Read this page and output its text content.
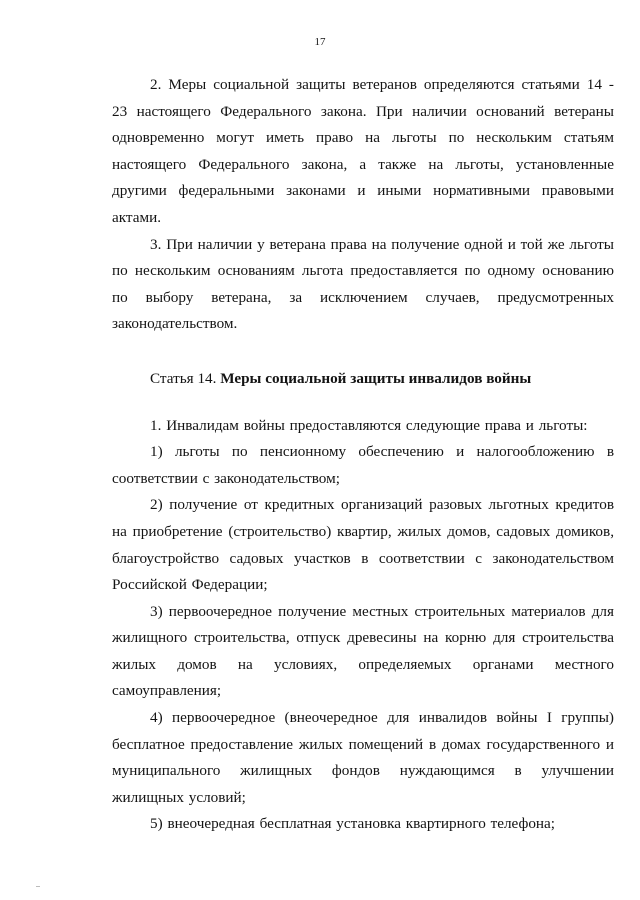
17

2. Меры социальной защиты ветеранов определяются статьями 14 - 23 настоящего Федерального закона. При наличии оснований ветераны одновременно могут иметь право на льготы по нескольким статьям настоящего Федерального закона, а также на льготы, установленные другими федеральными законами и иными нормативными правовыми актами.

3. При наличии у ветерана права на получение одной и той же льготы по нескольким основаниям льгота предоставляется по одному основанию по выбору ветерана, за исключением случаев, предусмотренных законодательством.

Статья 14. Меры социальной защиты инвалидов войны

1. Инвалидам войны предоставляются следующие права и льготы:

1) льготы по пенсионному обеспечению и налогообложению в соответствии с законодательством;

2) получение от кредитных организаций разовых льготных кредитов на приобретение (строительство) квартир, жилых домов, садовых домиков, благоустройство садовых участков в соответствии с законодательством Российской Федерации;

3) первоочередное получение местных строительных материалов для жилищного строительства, отпуск древесины на корню для строительства жилых домов на условиях, определяемых органами местного самоуправления;

4) первоочередное (внеочередное для инвалидов войны I группы) бесплатное предоставление жилых помещений в домах государственного и муниципального жилищных фондов нуждающимся в улучшении жилищных условий;

5) внеочередная бесплатная установка квартирного телефона;
